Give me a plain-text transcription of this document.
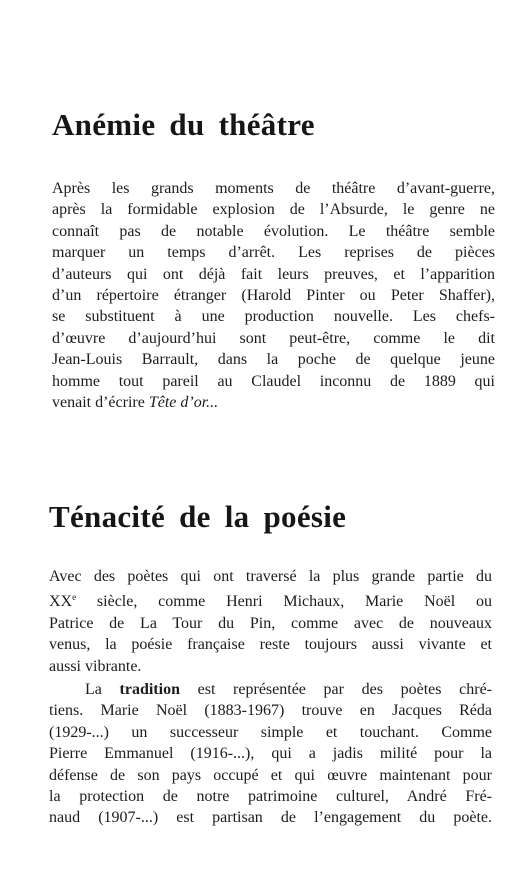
Anémie du théâtre

Après les grands moments de théâtre d’avant-guerre,
après la formidable explosion de l’Absurde, le genre ne
connaît pas de notable évolution. Le théâtre semble
marquer un temps d’arrêt. Les reprises de pièces
d’auteurs qui ont déjà fait leurs preuves, et l’apparition
d’un répertoire étranger (Harold Pinter ou Peter Shaffer),
se substituent à une production nouvelle. Les chefs-
d’œuvre d’aujourd’hui sont peut-être, comme le dit
Jean-Louis Barrault, dans la poche de quelque jeune
homme tout pareil au Claudel inconnu de 1889 qui
venait d’écrire Tête d’or...

Ténacité de la poésie

Avec des poètes qui ont traversé la plus grande partie du
XXe siècle, comme Henri Michaux, Marie Noël ou
Patrice de La Tour du Pin, comme avec de nouveaux
venus, la poésie française reste toujours aussi vivante et
aussi vibrante.

La tradition est représentée par des poètes chré-
tiens. Marie Noël (1883-1967) trouve en Jacques Réda
(1929-...) un successeur simple et touchant. Comme
Pierre Emmanuel (1916-...), qui a jadis milité pour la
défense de son pays occupé et qui œuvre maintenant pour
la protection de notre patrimoine culturel, André Fré-
naud (1907-...) est partisan de l’engagement du poète.
